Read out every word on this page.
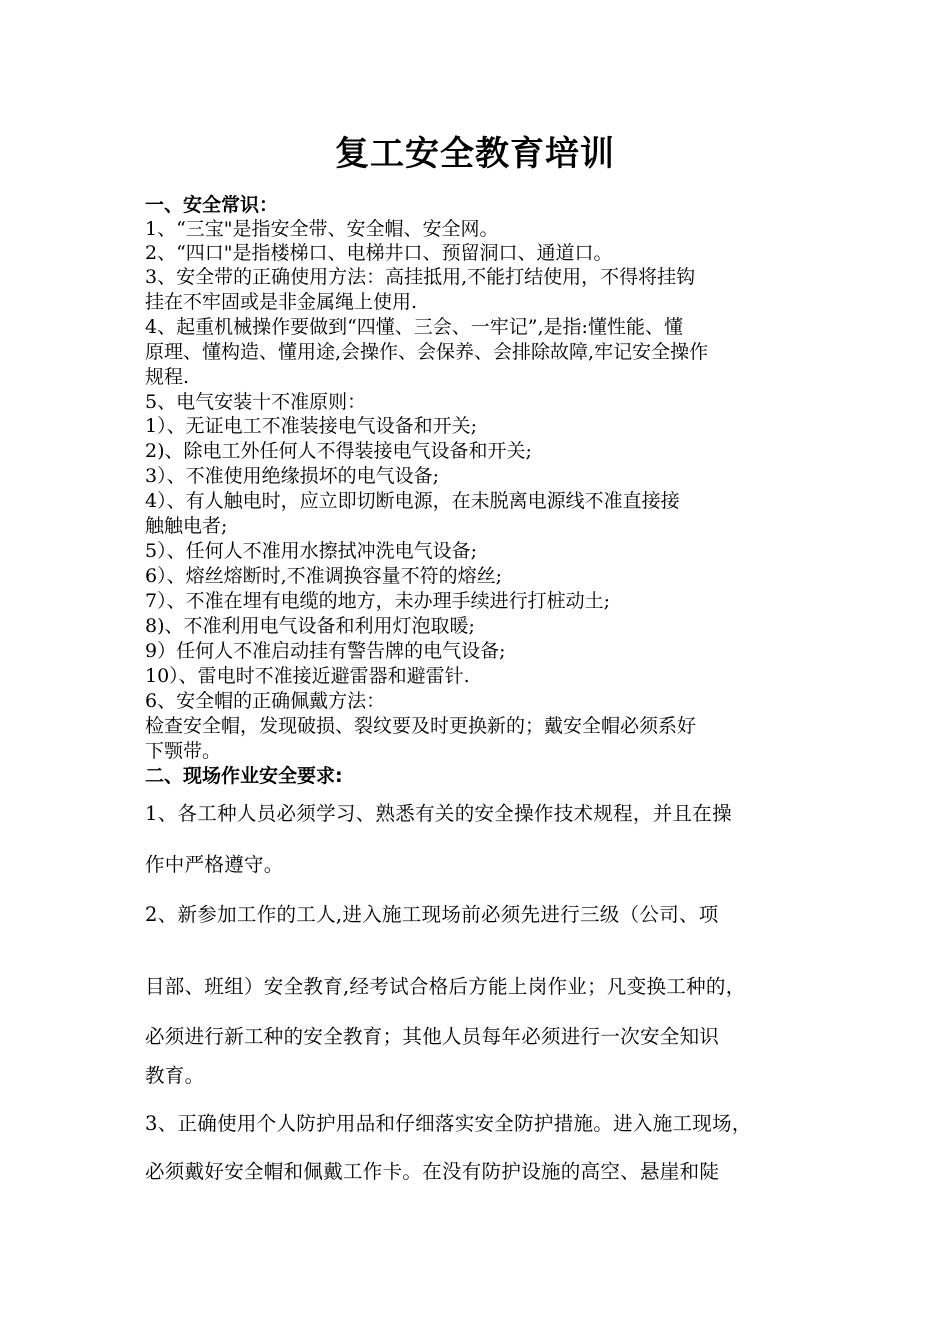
复工安全教育培训
一、安全常识：
1、“三宝"是指安全带、安全帽、安全网。
2、“四口"是指楼梯口、电梯井口、预留洞口、通道口。
3、安全带的正确使用方法：高挂抵用,不能打结使用，不得将挂钩
挂在不牢固或是非金属绳上使用.
4、起重机械操作要做到“四懂、三会、一牢记”,是指:懂性能、懂
原理、懂构造、懂用途,会操作、会保养、会排除故障,牢记安全操作
规程.
5、电气安装十不准原则：
1）、无证电工不准装接电气设备和开关;
2)、除电工外任何人不得装接电气设备和开关;
3）、不准使用绝缘损坏的电气设备;
4）、有人触电时，应立即切断电源，在未脱离电源线不准直接接
触触电者;
5）、任何人不准用水擦拭冲洗电气设备;
6）、熔丝熔断时,不准调换容量不符的熔丝;
7）、不准在埋有电缆的地方，未办理手续进行打桩动土;
8)、不准利用电气设备和利用灯泡取暖;
9）任何人不准启动挂有警告牌的电气设备;
10）、雷电时不准接近避雷器和避雷针.
6、安全帽的正确佩戴方法：
检查安全帽，发现破损、裂纹要及时更换新的；戴安全帽必须系好
下颚带。
二、现场作业安全要求:
1、各工种人员必须学习、熟悉有关的安全操作技术规程，并且在操
作中严格遵守。
2、新参加工作的工人,进入施工现场前必须先进行三级（公司、项
目部、班组）安全教育,经考试合格后方能上岗作业；凡变换工种的，
必须进行新工种的安全教育；其他人员每年必须进行一次安全知识
教育。
3、正确使用个人防护用品和仔细落实安全防护措施。进入施工现场，
必须戴好安全帽和佩戴工作卡。在没有防护设施的高空、悬崖和陡
